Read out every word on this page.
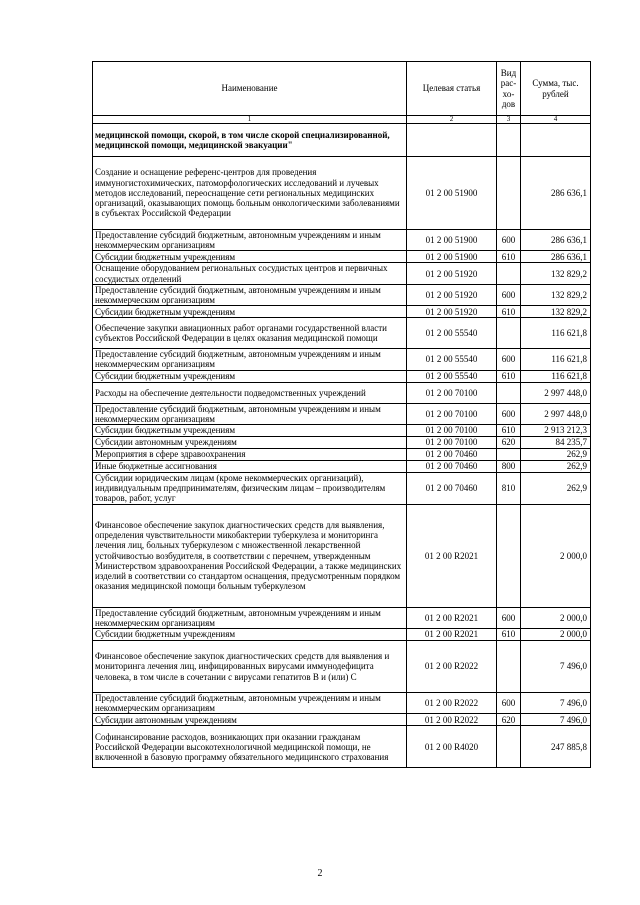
Наименование	Целевая статья	Вид рас-хо-дов	Сумма, тыс. рублей
1	2	3	4
медицинской помощи, скорой, в том числе скорой специализированной, медицинской помощи, медицинской эвакуации"			
Создание и оснащение референс-центров для проведения иммуногистохимических, патоморфологических исследований и лучевых методов исследований, переоснащение сети региональных медицинских организаций, оказывающих помощь больным онкологическими заболеваниями в субъектах Российской Федерации	01 2 00 51900		286 636,1
Предоставление субсидий бюджетным, автономным учреждениям и иным некоммерческим организациям	01 2 00 51900	600	286 636,1
Субсидии бюджетным учреждениям	01 2 00 51900	610	286 636,1
Оснащение оборудованием региональных сосудистых центров и первичных сосудистых отделений	01 2 00 51920		132 829,2
Предоставление субсидий бюджетным, автономным учреждениям и иным некоммерческим организациям	01 2 00 51920	600	132 829,2
Субсидии бюджетным учреждениям	01 2 00 51920	610	132 829,2
Обеспечение закупки авиационных работ органами государственной власти субъектов Российской Федерации в целях оказания медицинской помощи	01 2 00 55540		116 621,8
Предоставление субсидий бюджетным, автономным учреждениям и иным некоммерческим организациям	01 2 00 55540	600	116 621,8
Субсидии бюджетным учреждениям	01 2 00 55540	610	116 621,8
Расходы на обеспечение деятельности подведомственных учреждений	01 2 00 70100		2 997 448,0
Предоставление субсидий бюджетным, автономным учреждениям и иным некоммерческим организациям	01 2 00 70100	600	2 997 448,0
Субсидии бюджетным учреждениям	01 2 00 70100	610	2 913 212,3
Субсидии автономным учреждениям	01 2 00 70100	620	84 235,7
Мероприятия в сфере здравоохранения	01 2 00 70460		262,9
Иные бюджетные ассигнования	01 2 00 70460	800	262,9
Субсидии юридическим лицам (кроме некоммерческих организаций), индивидуальным предпринимателям, физическим лицам – производителям товаров, работ, услуг	01 2 00 70460	810	262,9
Финансовое обеспечение закупок диагностических средств для выявления, определения чувствительности микобактерии туберкулеза и мониторинга лечения лиц, больных туберкулезом с множественной лекарственной устойчивостью возбудителя, в соответствии с перечнем, утвержденным Министерством здравоохранения Российской Федерации, а также медицинских изделий в соответствии со стандартом оснащения, предусмотренным порядком оказания медицинской помощи больным туберкулезом	01 2 00 R2021		2 000,0
Предоставление субсидий бюджетным, автономным учреждениям и иным некоммерческим организациям	01 2 00 R2021	600	2 000,0
Субсидии бюджетным учреждениям	01 2 00 R2021	610	2 000,0
Финансовое обеспечение закупок диагностических средств для выявления и мониторинга лечения лиц, инфицированных вирусами иммунодефицита человека, в том числе в сочетании с вирусами гепатитов B и (или) C	01 2 00 R2022		7 496,0
Предоставление субсидий бюджетным, автономным учреждениям и иным некоммерческим организациям	01 2 00 R2022	600	7 496,0
Субсидии автономным учреждениям	01 2 00 R2022	620	7 496,0
Софинансирование расходов, возникающих при оказании гражданам Российской Федерации высокотехнологичной медицинской помощи, не включенной в базовую программу обязательного медицинского страхования	01 2 00 R4020		247 885,8
2
